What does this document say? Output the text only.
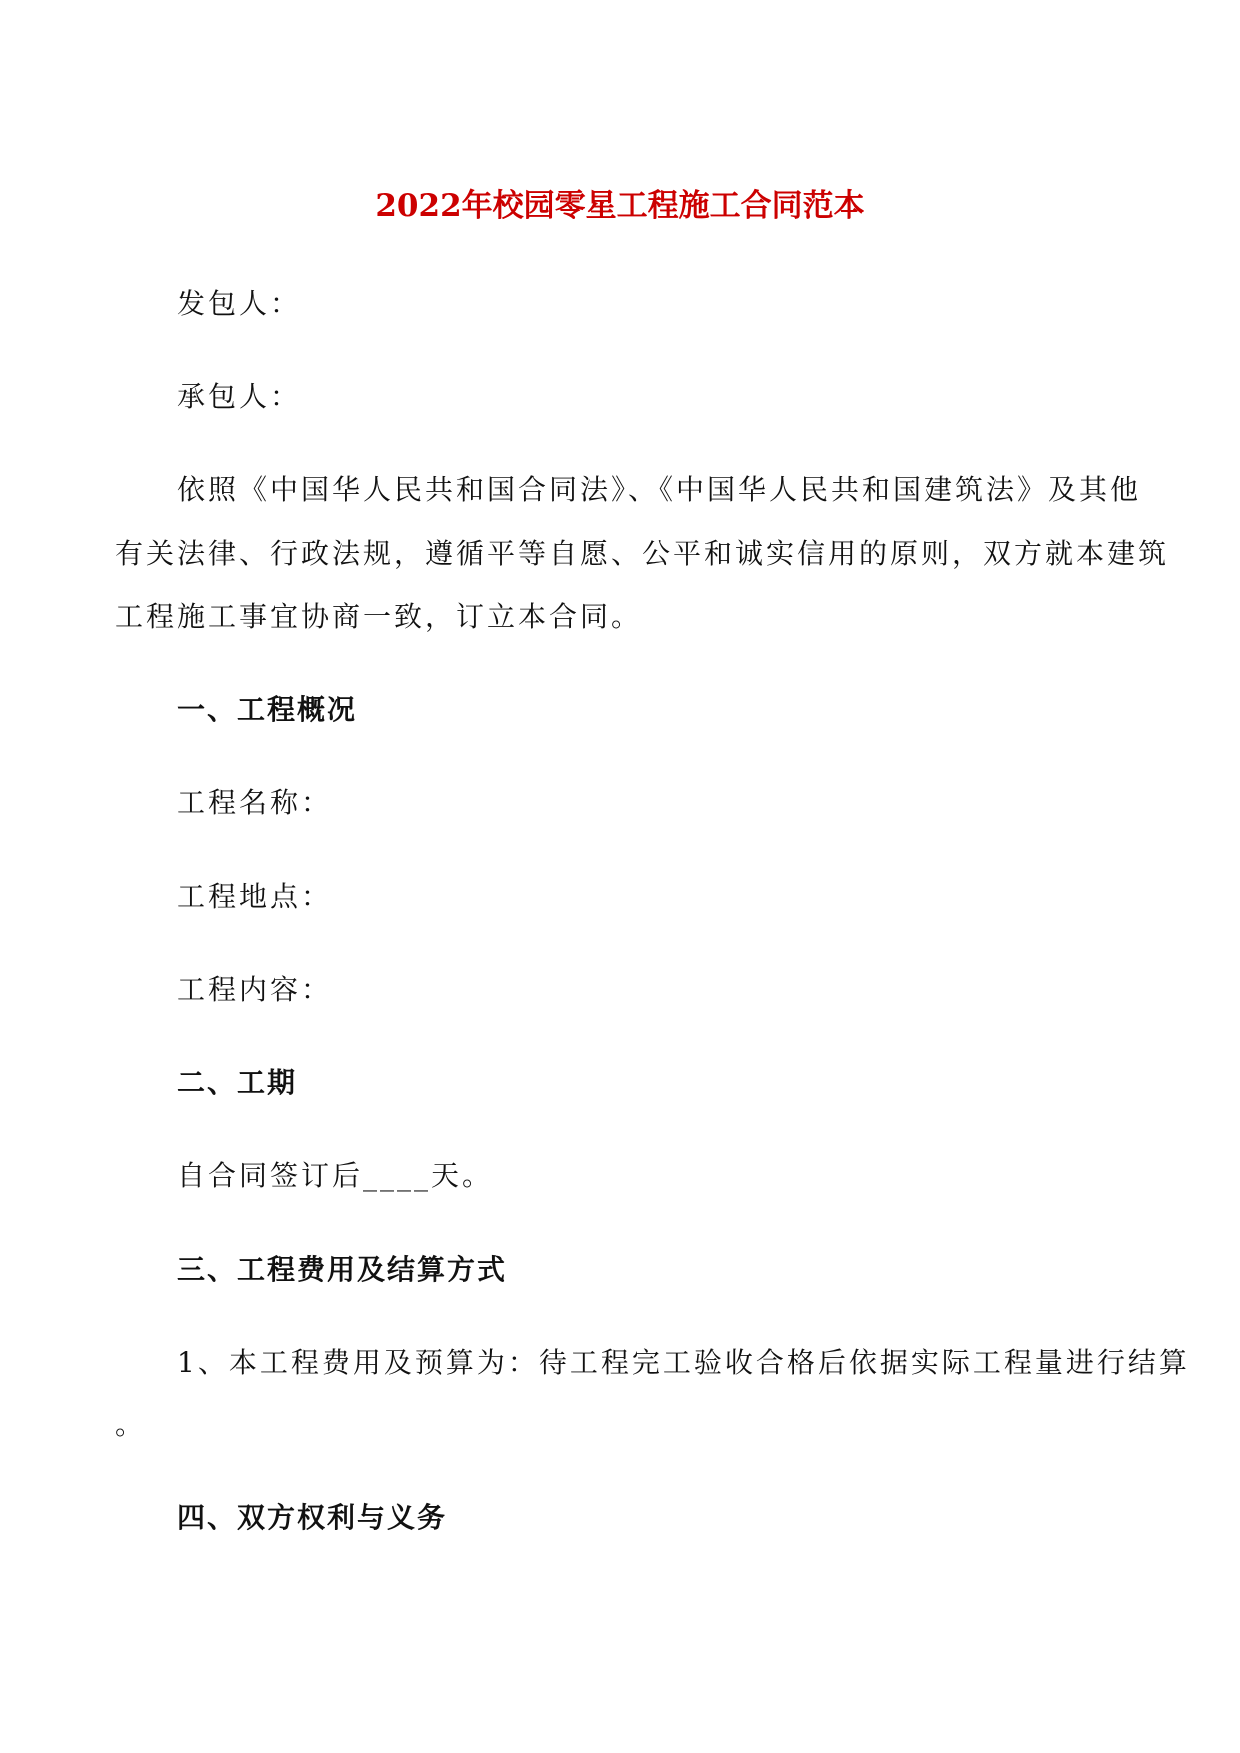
2022年校园零星工程施工合同范本
发包人：
承包人：
依照《中国华人民共和国合同法》、《中国华人民共和国建筑法》及其他
有关法律、行政法规，遵循平等自愿、公平和诚实信用的原则，双方就本建筑
工程施工事宜协商一致，订立本合同。
一、工程概况
工程名称：
工程地点：
工程内容：
二、工期
自合同签订后____天。
三、工程费用及结算方式
1、本工程费用及预算为：待工程完工验收合格后依据实际工程量进行结算
。
四、双方权利与义务
